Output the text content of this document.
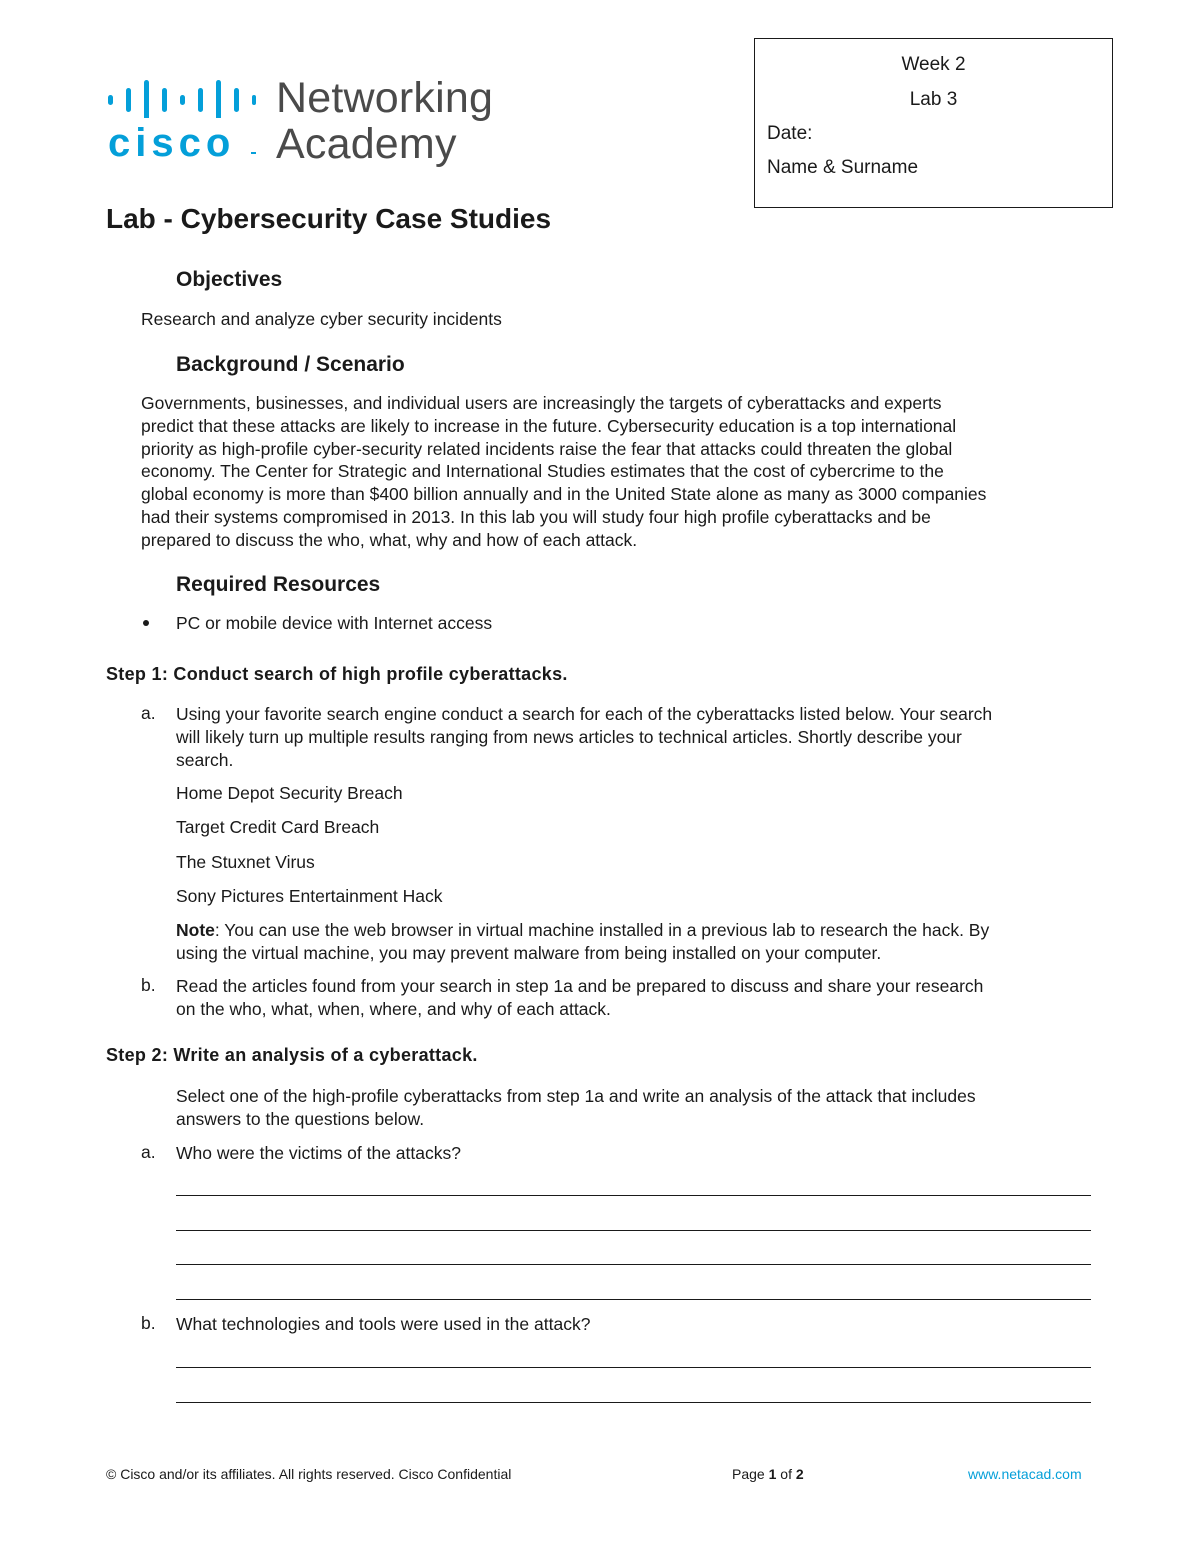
cisco
Networking
Academy
Week 2
Lab 3
Date:
Name & Surname
Lab - Cybersecurity Case Studies
Objectives
Research and analyze cyber security incidents
Background / Scenario
Governments, businesses, and individual users are increasingly the targets of cyberattacks and experts
predict that these attacks are likely to increase in the future. Cybersecurity education is a top international
priority as high-profile cyber-security related incidents raise the fear that attacks could threaten the global
economy. The Center for Strategic and International Studies estimates that the cost of cybercrime to the
global economy is more than $400 billion annually and in the United State alone as many as 3000 companies
had their systems compromised in 2013. In this lab you will study four high profile cyberattacks and be
prepared to discuss the who, what, why and how of each attack.
Required Resources
PC or mobile device with Internet access
Step 1: Conduct search of high profile cyberattacks.
a. Using your favorite search engine conduct a search for each of the cyberattacks listed below. Your search
will likely turn up multiple results ranging from news articles to technical articles. Shortly describe your
search.
Home Depot Security Breach
Target Credit Card Breach
The Stuxnet Virus
Sony Pictures Entertainment Hack
Note: You can use the web browser in virtual machine installed in a previous lab to research the hack. By
using the virtual machine, you may prevent malware from being installed on your computer.
b. Read the articles found from your search in step 1a and be prepared to discuss and share your research
on the who, what, when, where, and why of each attack.
Step 2: Write an analysis of a cyberattack.
Select one of the high-profile cyberattacks from step 1a and write an analysis of the attack that includes
answers to the questions below.
a. Who were the victims of the attacks?
b. What technologies and tools were used in the attack?
© Cisco and/or its affiliates. All rights reserved. Cisco Confidential	Page 1 of 2	www.netacad.com
